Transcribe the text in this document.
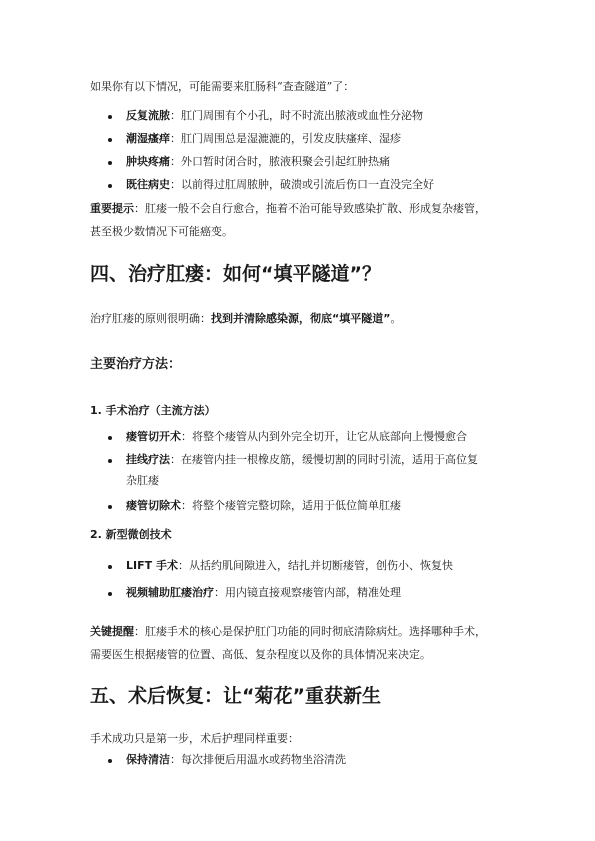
如果你有以下情况，可能需要来肛肠科“查查隧道”了：
反复流脓：肛门周围有个小孔，时不时流出脓液或血性分泌物
潮湿瘙痒：肛门周围总是湿漉漉的，引发皮肤瘙痒、湿疹
肿块疼痛：外口暂时闭合时，脓液积聚会引起红肿热痛
既往病史：以前得过肛周脓肿，破溃或引流后伤口一直没完全好
重要提示：肛瘘一般不会自行愈合，拖着不治可能导致感染扩散、形成复杂瘘管，
甚至极少数情况下可能癌变。
四、治疗肛瘘：如何“填平隧道”？
治疗肛瘘的原则很明确：找到并清除感染源，彻底“填平隧道”。
主要治疗方法：
1. 手术治疗（主流方法）
瘘管切开术：将整个瘘管从内到外完全切开，让它从底部向上慢慢愈合
挂线疗法：在瘘管内挂一根橡皮筋，缓慢切割的同时引流，适用于高位复
杂肛瘘
瘘管切除术：将整个瘘管完整切除，适用于低位简单肛瘘
2. 新型微创技术
LIFT 手术：从括约肌间隙进入，结扎并切断瘘管，创伤小、恢复快
视频辅助肛瘘治疗：用内镜直接观察瘘管内部，精准处理
关键提醒：肛瘘手术的核心是保护肛门功能的同时彻底清除病灶。选择哪种手术，
需要医生根据瘘管的位置、高低、复杂程度以及你的具体情况来决定。
五、术后恢复：让“菊花”重获新生
手术成功只是第一步，术后护理同样重要：
保持清洁：每次排便后用温水或药物坐浴清洗
